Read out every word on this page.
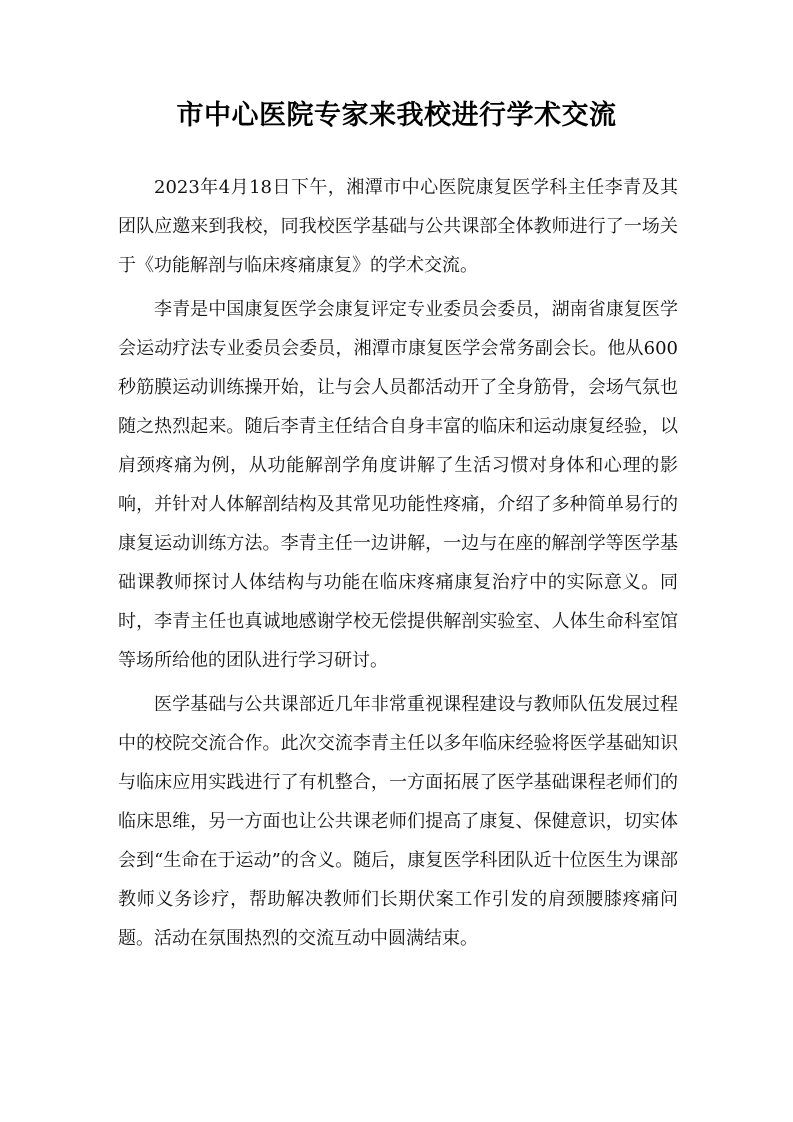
市中心医院专家来我校进行学术交流

2023年4月18日下午，湘潭市中心医院康复医学科主任李青及其团队应邀来到我校，同我校医学基础与公共课部全体教师进行了一场关于《功能解剖与临床疼痛康复》的学术交流。

李青是中国康复医学会康复评定专业委员会委员，湖南省康复医学会运动疗法专业委员会委员，湘潭市康复医学会常务副会长。他从600秒筋膜运动训练操开始，让与会人员都活动开了全身筋骨，会场气氛也随之热烈起来。随后李青主任结合自身丰富的临床和运动康复经验，以肩颈疼痛为例，从功能解剖学角度讲解了生活习惯对身体和心理的影响，并针对人体解剖结构及其常见功能性疼痛，介绍了多种简单易行的康复运动训练方法。李青主任一边讲解，一边与在座的解剖学等医学基础课教师探讨人体结构与功能在临床疼痛康复治疗中的实际意义。同时，李青主任也真诚地感谢学校无偿提供解剖实验室、人体生命科室馆等场所给他的团队进行学习研讨。

医学基础与公共课部近几年非常重视课程建设与教师队伍发展过程中的校院交流合作。此次交流李青主任以多年临床经验将医学基础知识与临床应用实践进行了有机整合，一方面拓展了医学基础课程老师们的临床思维，另一方面也让公共课老师们提高了康复、保健意识，切实体会到“生命在于运动”的含义。随后，康复医学科团队近十位医生为课部教师义务诊疗，帮助解决教师们长期伏案工作引发的肩颈腰膝疼痛问题。活动在氛围热烈的交流互动中圆满结束。
